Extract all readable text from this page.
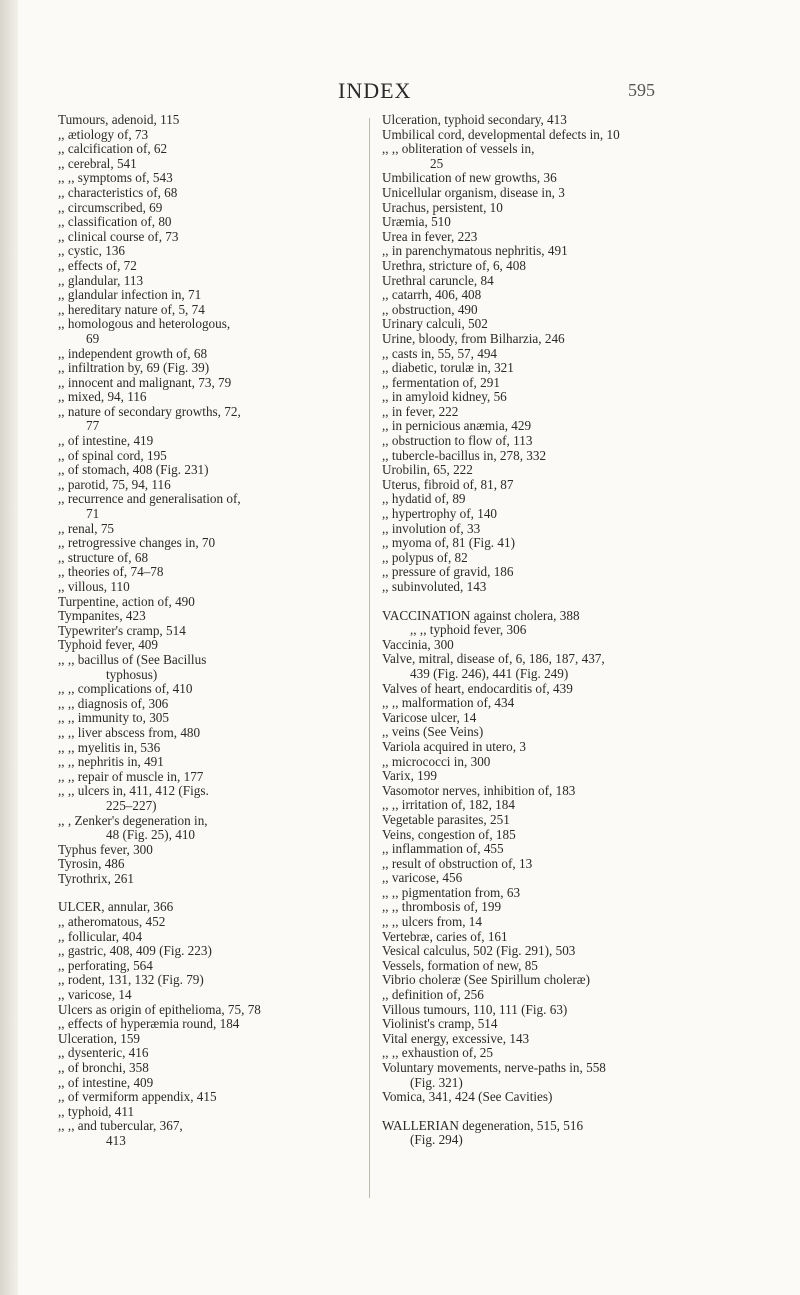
INDEX	595
Tumours, adenoid, 115
,, ætiology of, 73
,, calcification of, 62
,, cerebral, 541
,, ,, symptoms of, 543
,, characteristics of, 68
,, circumscribed, 69
,, classification of, 80
,, clinical course of, 73
,, cystic, 136
,, effects of, 72
,, glandular, 113
,, glandular infection in, 71
,, hereditary nature of, 5, 74
,, homologous and heterologous,
69
,, independent growth of, 68
,, infiltration by, 69 (Fig. 39)
,, innocent and malignant, 73, 79
,, mixed, 94, 116
,, nature of secondary growths, 72,
77
,, of intestine, 419
,, of spinal cord, 195
,, of stomach, 408 (Fig. 231)
,, parotid, 75, 94, 116
,, recurrence and generalisation of,
71
,, renal, 75
,, retrogressive changes in, 70
,, structure of, 68
,, theories of, 74–78
,, villous, 110
Turpentine, action of, 490
Tympanites, 423
Typewriter's cramp, 514
Typhoid fever, 409
,, ,, bacillus of (See Bacillus
typhosus)
,, ,, complications of, 410
,, ,, diagnosis of, 306
,, ,, immunity to, 305
,, ,, liver abscess from, 480
,, ,, myelitis in, 536
,, ,, nephritis in, 491
,, ,, repair of muscle in, 177
,, ,, ulcers in, 411, 412 (Figs.
225–227)
,, , Zenker's degeneration in,
48 (Fig. 25), 410
Typhus fever, 300
Tyrosin, 486
Tyrothrix, 261
ULCER, annular, 366
,, atheromatous, 452
,, follicular, 404
,, gastric, 408, 409 (Fig. 223)
,, perforating, 564
,, rodent, 131, 132 (Fig. 79)
,, varicose, 14
Ulcers as origin of epithelioma, 75, 78
,, effects of hyperæmia round, 184
Ulceration, 159
,, dysenteric, 416
,, of bronchi, 358
,, of intestine, 409
,, of vermiform appendix, 415
,, typhoid, 411
,, ,, and tubercular, 367,
413
Ulceration, typhoid secondary, 413
Umbilical cord, developmental defects in, 10
,, ,, obliteration of vessels in,
25
Umbilication of new growths, 36
Unicellular organism, disease in, 3
Urachus, persistent, 10
Uræmia, 510
Urea in fever, 223
,, in parenchymatous nephritis, 491
Urethra, stricture of, 6, 408
Urethral caruncle, 84
,, catarrh, 406, 408
,, obstruction, 490
Urinary calculi, 502
Urine, bloody, from Bilharzia, 246
,, casts in, 55, 57, 494
,, diabetic, torulæ in, 321
,, fermentation of, 291
,, in amyloid kidney, 56
,, in fever, 222
,, in pernicious anæmia, 429
,, obstruction to flow of, 113
,, tubercle-bacillus in, 278, 332
Urobilin, 65, 222
Uterus, fibroid of, 81, 87
,, hydatid of, 89
,, hypertrophy of, 140
,, involution of, 33
,, myoma of, 81 (Fig. 41)
,, polypus of, 82
,, pressure of gravid, 186
,, subinvoluted, 143
VACCINATION against cholera, 388
,, ,, typhoid fever, 306
Vaccinia, 300
Valve, mitral, disease of, 6, 186, 187, 437,
439 (Fig. 246), 441 (Fig. 249)
Valves of heart, endocarditis of, 439
,, ,, malformation of, 434
Varicose ulcer, 14
,, veins (See Veins)
Variola acquired in utero, 3
,, micrococci in, 300
Varix, 199
Vasomotor nerves, inhibition of, 183
,, ,, irritation of, 182, 184
Vegetable parasites, 251
Veins, congestion of, 185
,, inflammation of, 455
,, result of obstruction of, 13
,, varicose, 456
,, ,, pigmentation from, 63
,, ,, thrombosis of, 199
,, ,, ulcers from, 14
Vertebræ, caries of, 161
Vesical calculus, 502 (Fig. 291), 503
Vessels, formation of new, 85
Vibrio choleræ (See Spirillum choleræ)
,, definition of, 256
Villous tumours, 110, 111 (Fig. 63)
Violinist's cramp, 514
Vital energy, excessive, 143
,, ,, exhaustion of, 25
Voluntary movements, nerve-paths in, 558
(Fig. 321)
Vomica, 341, 424 (See Cavities)
WALLERIAN degeneration, 515, 516
(Fig. 294)
